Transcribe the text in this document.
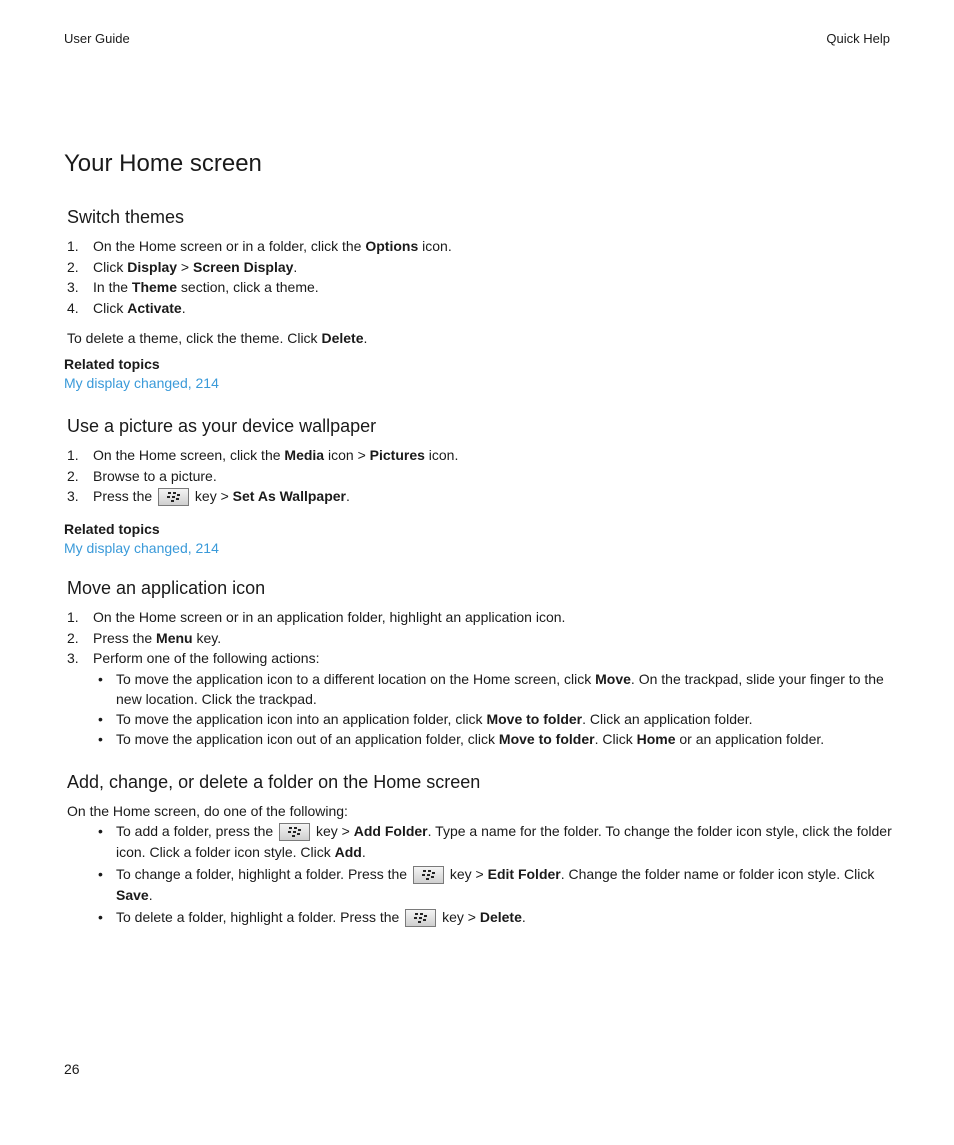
User Guide	Quick Help
Your Home screen
Switch themes
1. On the Home screen or in a folder, click the Options icon.
2. Click Display > Screen Display.
3. In the Theme section, click a theme.
4. Click Activate.
To delete a theme, click the theme. Click Delete.
Related topics
My display changed, 214
Use a picture as your device wallpaper
1. On the Home screen, click the Media icon > Pictures icon.
2. Browse to a picture.
3. Press the	key > Set As Wallpaper.
Related topics
My display changed, 214
Move an application icon
1. On the Home screen or in an application folder, highlight an application icon.
2. Press the Menu key.
3. Perform one of the following actions:
• To move the application icon to a different location on the Home screen, click Move. On the trackpad, slide your finger to the new location. Click the trackpad.
• To move the application icon into an application folder, click Move to folder. Click an application folder.
• To move the application icon out of an application folder, click Move to folder. Click Home or an application folder.
Add, change, or delete a folder on the Home screen
On the Home screen, do one of the following:
• To add a folder, press the	key > Add Folder. Type a name for the folder. To change the folder icon style, click the folder icon. Click a folder icon style. Click Add.
• To change a folder, highlight a folder. Press the	key > Edit Folder. Change the folder name or folder icon style. Click Save.
• To delete a folder, highlight a folder. Press the	key > Delete.
26
